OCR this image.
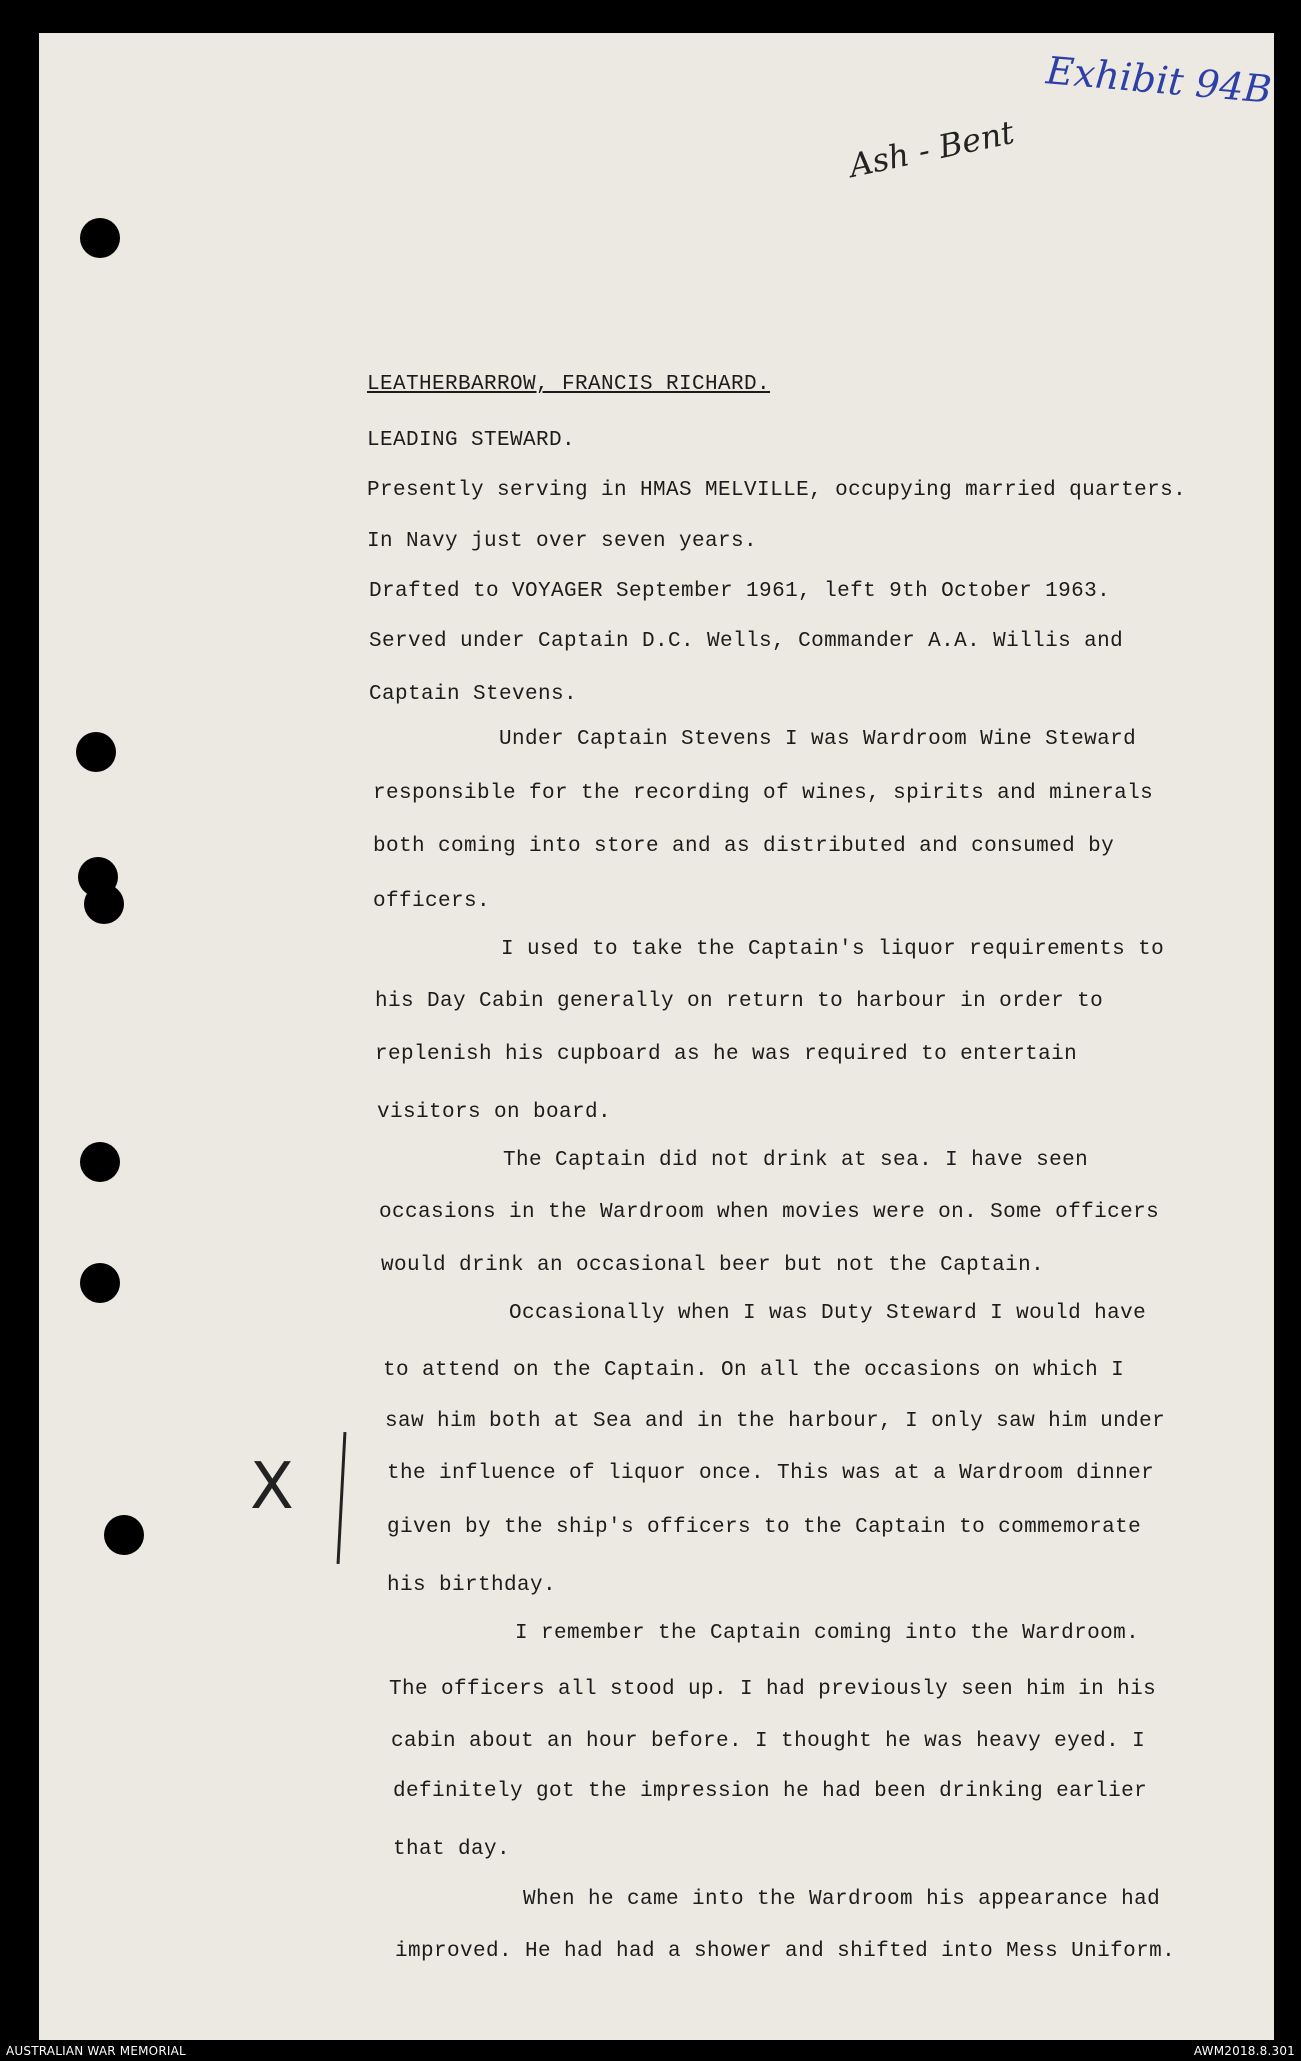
Exhibit 94B
Ash - Bent
X
LEATHERBARROW, FRANCIS RICHARD.
LEADING STEWARD.
Presently serving in HMAS MELVILLE, occupying married quarters.
In Navy just over seven years.
Drafted to VOYAGER September 1961, left 9th October 1963.
Served under Captain D.C. Wells, Commander A.A. Willis and
Captain Stevens.
Under Captain Stevens I was Wardroom Wine Steward
responsible for the recording of wines, spirits and minerals
both coming into store and as distributed and consumed by
officers.
I used to take the Captain's liquor requirements to
his Day Cabin generally on return to harbour in order to
replenish his cupboard as he was required to entertain
visitors on board.
The Captain did not drink at sea. I have seen
occasions in the Wardroom when movies were on. Some officers
would drink an occasional beer but not the Captain.
Occasionally when I was Duty Steward I would have
to attend on the Captain. On all the occasions on which I
saw him both at Sea and in the harbour, I only saw him under
the influence of liquor once. This was at a Wardroom dinner
given by the ship's officers to the Captain to commemorate
his birthday.
I remember the Captain coming into the Wardroom.
The officers all stood up. I had previously seen him in his
cabin about an hour before. I thought he was heavy eyed. I
definitely got the impression he had been drinking earlier
that day.
When he came into the Wardroom his appearance had
improved. He had had a shower and shifted into Mess Uniform.
AUSTRALIAN WAR MEMORIAL	AWM2018.8.301
